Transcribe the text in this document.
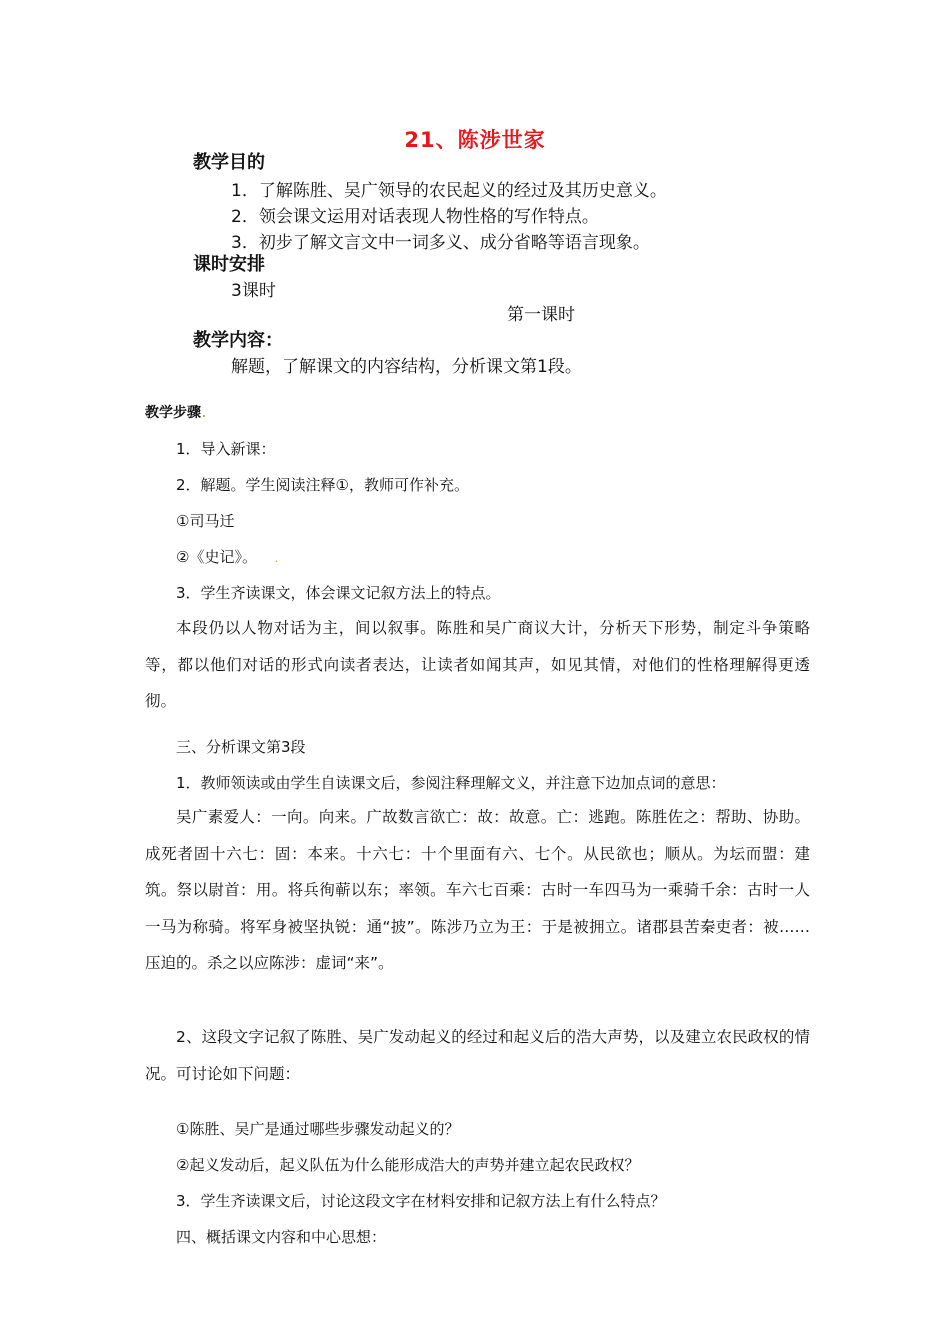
21、陈涉世家
教学目的
1．了解陈胜、吴广领导的农民起义的经过及其历史意义。
2．领会课文运用对话表现人物性格的写作特点。
3．初步了解文言文中一词多义、成分省略等语言现象。
课时安排
3课时
第一课时
教学内容：
解题，了解课文的内容结构，分析课文第1段。
教学步骤.
1．导入新课：
2．解题。学生阅读注释①，教师可作补充。
①司马迁
②《史记》。 .
3．学生齐读课文，体会课文记叙方法上的特点。
本段仍以人物对话为主，间以叙事。陈胜和吴广商议大计，分析天下形势，制定斗争策略等，都以他们对话的形式向读者表达，让读者如闻其声，如见其情，对他们的性格理解得更透彻。
三、分析课文第3段
1．教师领读或由学生自读课文后，参阅注释理解文义，并注意下边加点词的意思：
吴广素爱人：一向。向来。广故数言欲亡：故：故意。亡：逃跑。陈胜佐之：帮助、协助。成死者固十六七：固：本来。十六七：十个里面有六、七个。从民欲也；顺从。为坛而盟：建筑。祭以尉首：用。将兵徇蕲以东；率领。车六七百乘：古时一车四马为一乘骑千余：古时一人一马为称骑。将军身被坚执锐：通“披”。陈涉乃立为王：于是被拥立。诸郡县苦秦吏者：被……压迫的。杀之以应陈涉：虚词“来”。
2、这段文字记叙了陈胜、吴广发动起义的经过和起义后的浩大声势，以及建立农民政权的情况。可讨论如下问题：
①陈胜、吴广是通过哪些步骤发动起义的？
②起义发动后，起义队伍为什么能形成浩大的声势并建立起农民政权？
3．学生齐读课文后，讨论这段文字在材料安排和记叙方法上有什么特点？
四、概括课文内容和中心思想：
